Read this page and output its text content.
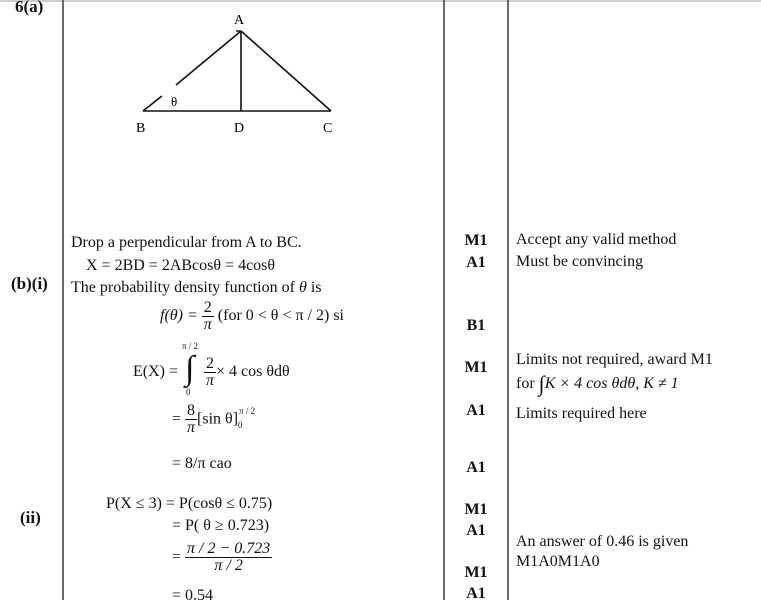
6(a)
(b)(i)
(ii)
A
B	D	C
θ
Drop a perpendicular from A to BC.
X = 2BD = 2ABcosθ = 4cosθ
The probability density function of θ is
$f(\theta) = \frac{2}{\pi} (for$ 0 < θ < π / 2) si
E(X) =
π / 2
∫
0

$\frac{2}{\pi} \times 4$ cos θdθ
= $\frac{8}{\pi} [\sin$ θ] π / 2
0
= 8/π cao
P(X ≤ 3) = P(cosθ ≤ 0.75)
= P( θ ≥ 0.723)
= $\frac{\pi / 2 - 0.723}{\pi / 2}$
= 0.54
M1
A1
B1
M1
A1
A1
M1
A1
M1
A1
Accept any valid method
Must be convincing
Limits not required, award M1
for ∫K × 4 cos θdθ, K ≠ 1
Limits required here
An answer of 0.46 is given
M1A0M1A0
